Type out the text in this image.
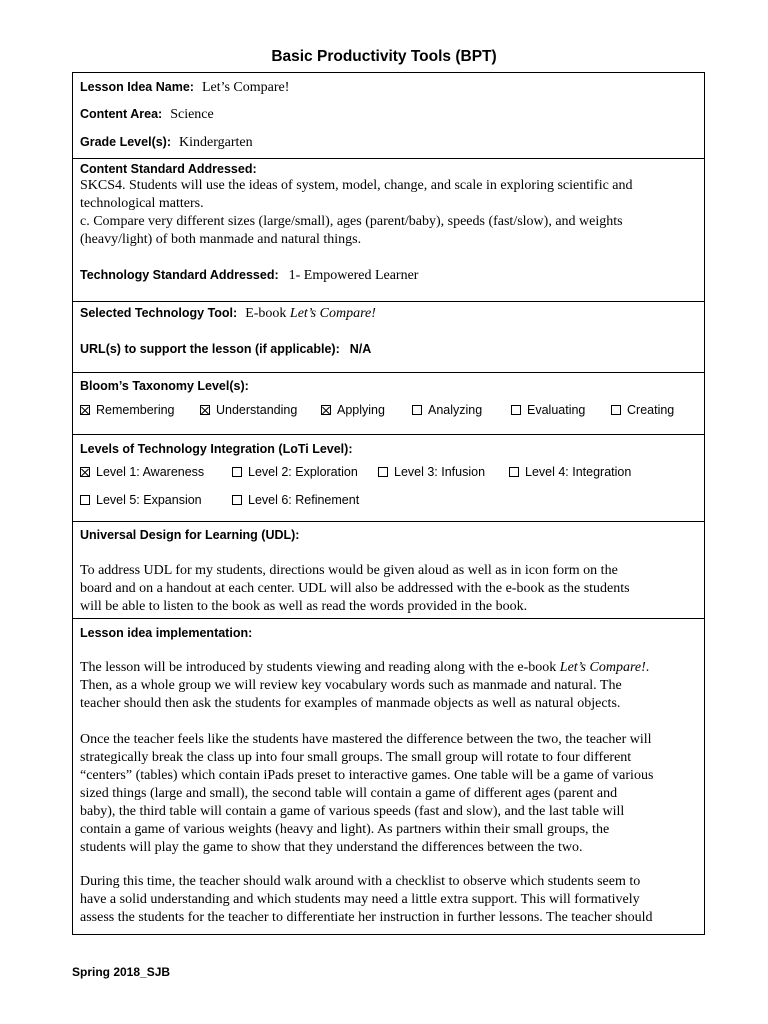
Basic Productivity Tools (BPT)
Lesson Idea Name: Let’s Compare!
Content Area: Science
Grade Level(s): Kindergarten
Content Standard Addressed:

SKCS4. Students will use the ideas of system, model, change, and scale in exploring scientific and

technological matters.

c. Compare very different sizes (large/small), ages (parent/baby), speeds (fast/slow), and weights

(heavy/light) of both manmade and natural things.

Technology Standard Addressed: 1- Empowered Learner
Selected Technology Tool: E-book Let’s Compare!
URL(s) to support the lesson (if applicable): N/A
Bloom’s Taxonomy Level(s):
Remembering	Understanding	Applying	Analyzing	Evaluating	Creating
Levels of Technology Integration (LoTi Level):
Level 1: Awareness	Level 2: Exploration	Level 3: Infusion	Level 4: Integration
Level 5: Expansion	Level 6: Refinement
Universal Design for Learning (UDL):

To address UDL for my students, directions would be given aloud as well as in icon form on the

board and on a handout at each center. UDL will also be addressed with the e-book as the students

will be able to listen to the book as well as read the words provided in the book.

Lesson idea implementation:

The lesson will be introduced by students viewing and reading along with the e-book Let’s Compare!.

Then, as a whole group we will review key vocabulary words such as manmade and natural. The

teacher should then ask the students for examples of manmade objects as well as natural objects.

Once the teacher feels like the students have mastered the difference between the two, the teacher will

strategically break the class up into four small groups. The small group will rotate to four different

“centers” (tables) which contain iPads preset to interactive games. One table will be a game of various

sized things (large and small), the second table will contain a game of different ages (parent and

baby), the third table will contain a game of various speeds (fast and slow), and the last table will

contain a game of various weights (heavy and light). As partners within their small groups, the

students will play the game to show that they understand the differences between the two.

During this time, the teacher should walk around with a checklist to observe which students seem to

have a solid understanding and which students may need a little extra support. This will formatively

assess the students for the teacher to differentiate her instruction in further lessons. The teacher should

Spring 2018_SJB
